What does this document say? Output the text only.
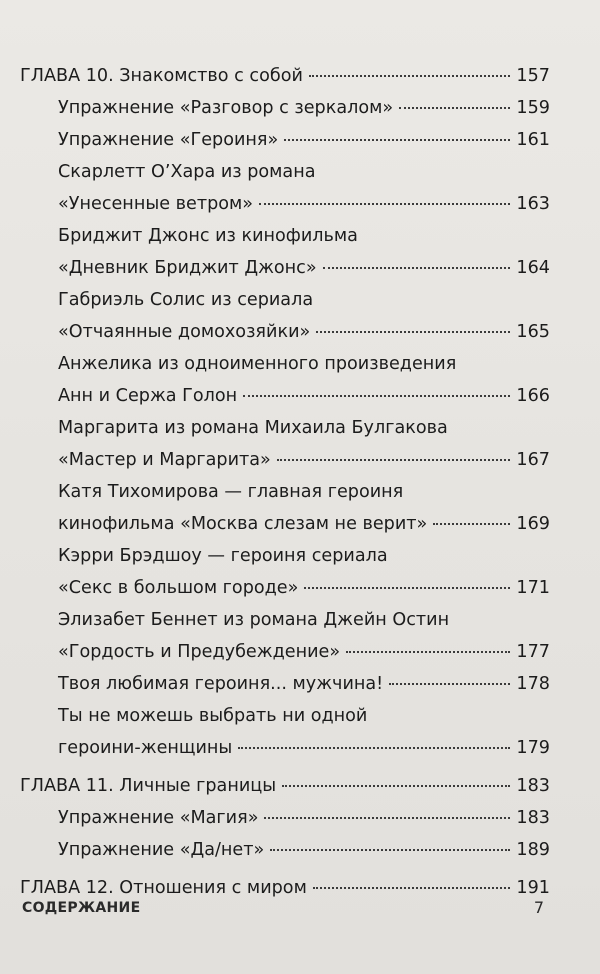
ГЛАВА 10. Знакомство с собой	157
Упражнение «Разговор с зеркалом»	159
Упражнение «Героиня»	161
Скарлетт О’Хара из романа
«Унесенные ветром»	163
Бриджит Джонс из кинофильма
«Дневник Бриджит Джонс»	164
Габриэль Солис из сериала
«Отчаянные домохозяйки»	165
Анжелика из одноименного произведения
Анн и Сержа Голон	166
Маргарита из романа Михаила Булгакова
«Мастер и Маргарита»	167
Катя Тихомирова — главная героиня
кинофильма «Москва слезам не верит»	169
Кэрри Брэдшоу — героиня сериала
«Секс в большом городе»	171
Элизабет Беннет из романа Джейн Остин
«Гордость и Предубеждение»	177
Твоя любимая героиня... мужчина!	178
Ты не можешь выбрать ни одной
героини-женщины	179
ГЛАВА 11. Личные границы	183
Упражнение «Магия»	183
Упражнение «Да/нет»	189
ГЛАВА 12. Отношения с миром	191
СОДЕРЖАНИЕ	7
